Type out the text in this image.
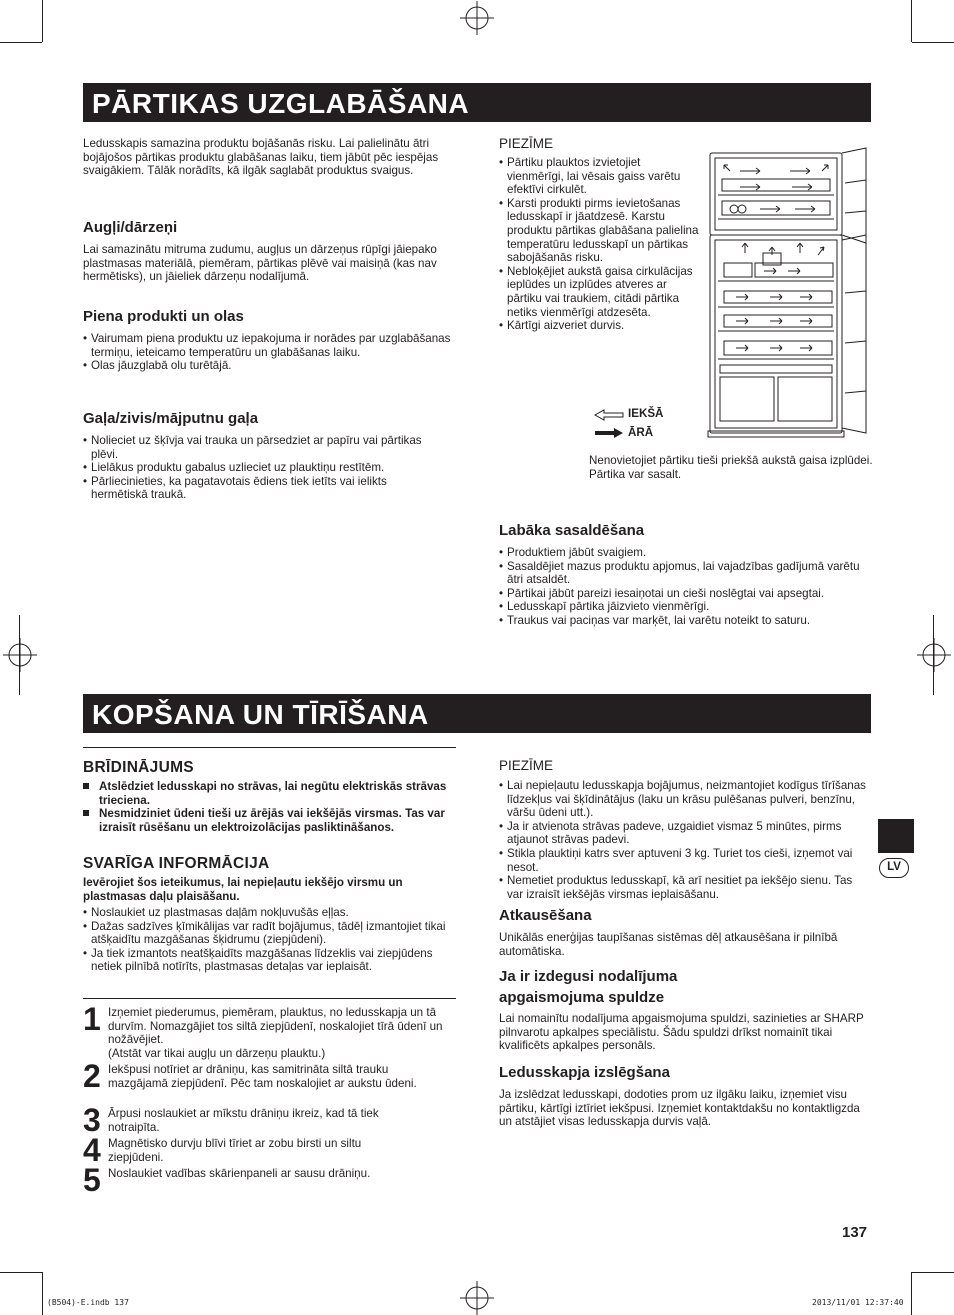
PĀRTIKAS UZGLABĀŠANA
Ledusskapis samazina produktu bojāšanās risku. Lai palielinātu ātri bojājošos pārtikas produktu glabāšanas laiku, tiem jābūt pēc iespējas svaigākiem. Tālāk norādīts, kā ilgāk saglabāt produktus svaigus.
Augļi/dārzeņi
Lai samazinātu mitruma zudumu, augļus un dārzeņus rūpīgi jāiepako plastmasas materiālā, piemēram, pārtikas plēvē vai maisiņā (kas nav hermētisks), un jāieliek dārzeņu nodalījumā.
Piena produkti un olas
• Vairumam piena produktu uz iepakojuma ir norādes par uzglabāšanas termiņu, ieteicamo temperatūru un glabāšanas laiku.
• Olas jāuzglabā olu turētājā.
Gaļa/zivis/mājputnu gaļa
• Nolieciet uz šķīvja vai trauka un pārsedziet ar papīru vai pārtikas plēvi.
• Lielākus produktu gabalus uzlieciet uz plauktiņu restītēm.
• Pārliecinieties, ka pagatavotais ēdiens tiek ietīts vai ielikts hermētiskā traukā.
PIEZĪME
• Pārtiku plauktos izvietojiet vienmērīgi, lai vēsais gaiss varētu efektīvi cirkulēt.
• Karsti produkti pirms ievietošanas ledusskapī ir jāatdzesē. Karstu produktu pārtikas glabāšana palielina temperatūru ledusskapī un pārtikas sabojāšanās risku.
• Nebloķējiet aukstā gaisa cirkulācijas ieplūdes un izplūdes atveres ar pārtiku vai traukiem, citādi pārtika netiks vienmērīgi atdzesēta.
• Kārtīgi aizveriet durvis.
IEKŠĀ
ĀRĀ
Nenovietojiet pārtiku tieši priekšā aukstā gaisa izplūdei. Pārtika var sasalt.
Labāka sasaldēšana
• Produktiem jābūt svaigiem.
• Sasaldējiet mazus produktu apjomus, lai vajadzības gadījumā varētu ātri atsaldēt.
• Pārtikai jābūt pareizi iesaiņotai un cieši noslēgtai vai apsegtai.
• Ledusskapī pārtika jāizvieto vienmērīgi.
• Traukus vai paciņas var marķēt, lai varētu noteikt to saturu.
KOPŠANA UN TĪRĪŠANA
BRĪDINĀJUMS
Atslēdziet ledusskapi no strāvas, lai negūtu elektriskās strāvas trieciena.
Nesmidziniet ūdeni tieši uz ārējās vai iekšējās virsmas. Tas var izraisīt rūsēšanu un elektroizolācijas pasliktināšanos.
SVARĪGA INFORMĀCIJA
Ievērojiet šos ieteikumus, lai nepieļautu iekšējo virsmu un plastmasas daļu plaisāšanu.
• Noslaukiet uz plastmasas daļām nokļuvušās eļļas.
• Dažas sadzīves ķīmikālijas var radīt bojājumus, tādēļ izmantojiet tikai atšķaidītu mazgāšanas šķidrumu (ziepjūdeni).
• Ja tiek izmantots neatšķaidīts mazgāšanas līdzeklis vai ziepjūdens netiek pilnībā notīrīts, plastmasas detaļas var ieplaisāt.
1 Izņemiet piederumus, piemēram, plauktus, no ledusskapja un tā durvīm. Nomazgājiet tos siltā ziepjūdenī, noskalojiet tīrā ūdenī un nožāvējiet.
(Atstāt var tikai augļu un dārzeņu plauktu.)
2 Iekšpusi notīriet ar drāniņu, kas samitrināta siltā trauku mazgājamā ziepjūdenī. Pēc tam noskalojiet ar aukstu ūdeni.
3 Ārpusi noslaukiet ar mīkstu drāniņu ikreiz, kad tā tiek notraipīta.
4 Magnētisko durvju blīvi tīriet ar zobu birsti un siltu ziepjūdeni.
5 Noslaukiet vadības skārienpaneli ar sausu drāniņu.
PIEZĪME
• Lai nepieļautu ledusskapja bojājumus, neizmantojiet kodīgus tīrīšanas līdzekļus vai šķīdinātājus (laku un krāsu pulēšanas pulveri, benzīnu, vāršu ūdeni utt.).
• Ja ir atvienota strāvas padeve, uzgaidiet vismaz 5 minūtes, pirms atjaunot strāvas padevi.
• Stikla plauktiņi katrs sver aptuveni 3 kg. Turiet tos cieši, izņemot vai nesot.
• Nemetiet produktus ledusskapī, kā arī nesitiet pa iekšējo sienu. Tas var izraisīt iekšējās virsmas ieplaisāšanu.
Atkausēšana
Unikālās enerģijas taupīšanas sistēmas dēļ atkausēšana ir pilnībā automātiska.
Ja ir izdegusi nodalījuma
apgaismojuma spuldze
Lai nomainītu nodalījuma apgaismojuma spuldzi, sazinieties ar SHARP pilnvarotu apkalpes speciālistu. Šādu spuldzi drīkst nomainīt tikai kvalificēts apkalpes personāls.
Ledusskapja izslēgšana
Ja izslēdzat ledusskapi, dodoties prom uz ilgāku laiku, izņemiet visu pārtiku, kārtīgi iztīriet iekšpusi. Izņemiet kontaktdakšu no kontaktligzda un atstājiet visas ledusskapja durvis vaļā.
LV
137
(B504)-E.indb 137	2013/11/01 12:37:40
